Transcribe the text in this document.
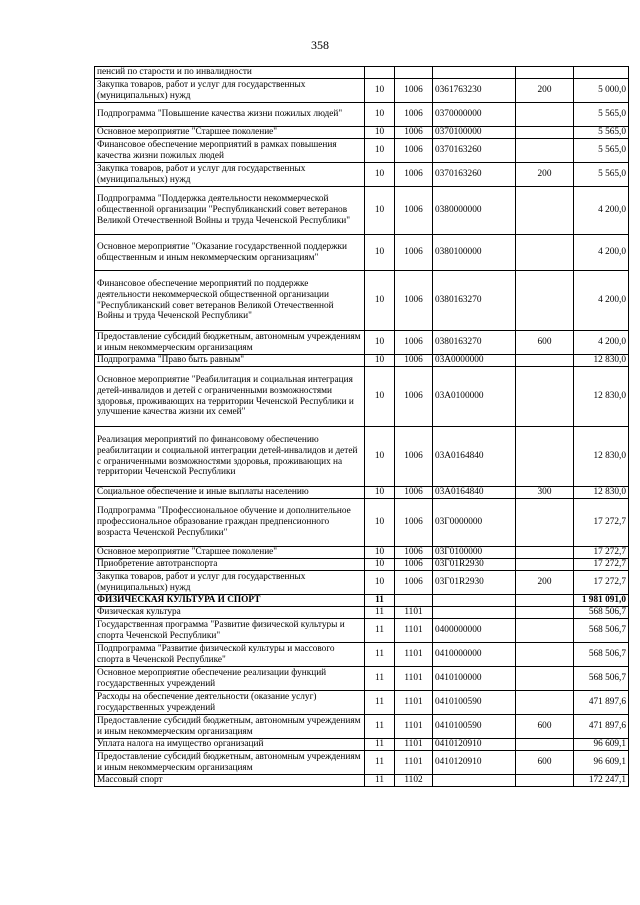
358
пенсий по старости и по инвалидности					
Закупка товаров, работ и услуг для государственных (муниципальных) нужд	10	1006	0361763230	200	5 000,0
Подпрограмма "Повышение качества жизни пожилых людей"	10	1006	0370000000		5 565,0
Основное мероприятие "Старшее поколение"	10	1006	0370100000		5 565,0
Финансовое обеспечение мероприятий в рамках повышения качества жизни пожилых людей	10	1006	0370163260		5 565,0
Закупка товаров, работ и услуг для государственных (муниципальных) нужд	10	1006	0370163260	200	5 565,0
Подпрограмма "Поддержка деятельности некоммерческой общественной организации "Республиканский совет ветеранов Великой Отечественной Войны и труда Чеченской Республики"	10	1006	0380000000		4 200,0
Основное мероприятие "Оказание государственной поддержки общественным и иным некоммерческим организациям"	10	1006	0380100000		4 200,0
Финансовое обеспечение мероприятий по поддержке деятельности некоммерческой общественной организации "Республиканский совет ветеранов Великой Отечественной Войны и труда Чеченской Республики"	10	1006	0380163270		4 200,0
Предоставление субсидий бюджетным, автономным учреждениям и иным некоммерческим организациям	10	1006	0380163270	600	4 200,0
Подпрограмма "Право быть равным"	10	1006	03А0000000		12 830,0
Основное мероприятие "Реабилитация и социальная интеграция детей-инвалидов и детей с ограниченными возможностями здоровья, проживающих на территории Чеченской Республики и улучшение качества жизни их семей"	10	1006	03А0100000		12 830,0
Реализация мероприятий по финансовому обеспечению реабилитации и социальной интеграции детей-инвалидов и детей с ограниченными возможностями здоровья, проживающих на территории Чеченской Республики	10	1006	03А0164840		12 830,0
Социальное обеспечение и иные выплаты населению	10	1006	03А0164840	300	12 830,0
Подпрограмма "Профессиональное обучение и дополнительное профессиональное образование граждан предпенсионного возраста Чеченской Республики"	10	1006	03Г0000000		17 272,7
Основное мероприятие "Старшее поколение"	10	1006	03Г0100000		17 272,7
Приобретение автотранспорта	10	1006	03Г01R2930		17 272,7
Закупка товаров, работ и услуг для государственных (муниципальных) нужд	10	1006	03Г01R2930	200	17 272,7
ФИЗИЧЕСКАЯ КУЛЬТУРА И СПОРТ	11				1 981 091,0
Физическая культура	11	1101			568 506,7
Государственная программа "Развитие физической культуры и спорта Чеченской Республики"	11	1101	0400000000		568 506,7
Подпрограмма "Развитие физической культуры и массового спорта в Чеченской Республике"	11	1101	0410000000		568 506,7
Основное мероприятие обеспечение реализации функций государственных учреждений	11	1101	0410100000		568 506,7
Расходы на обеспечение деятельности (оказание услуг) государственных учреждений	11	1101	0410100590		471 897,6
Предоставление субсидий бюджетным, автономным учреждениям и иным некоммерческим организациям	11	1101	0410100590	600	471 897,6
Уплата налога на имущество организаций	11	1101	0410120910		96 609,1
Предоставление субсидий бюджетным, автономным учреждениям и иным некоммерческим организациям	11	1101	0410120910	600	96 609,1
Массовый спорт	11	1102			172 247,1
